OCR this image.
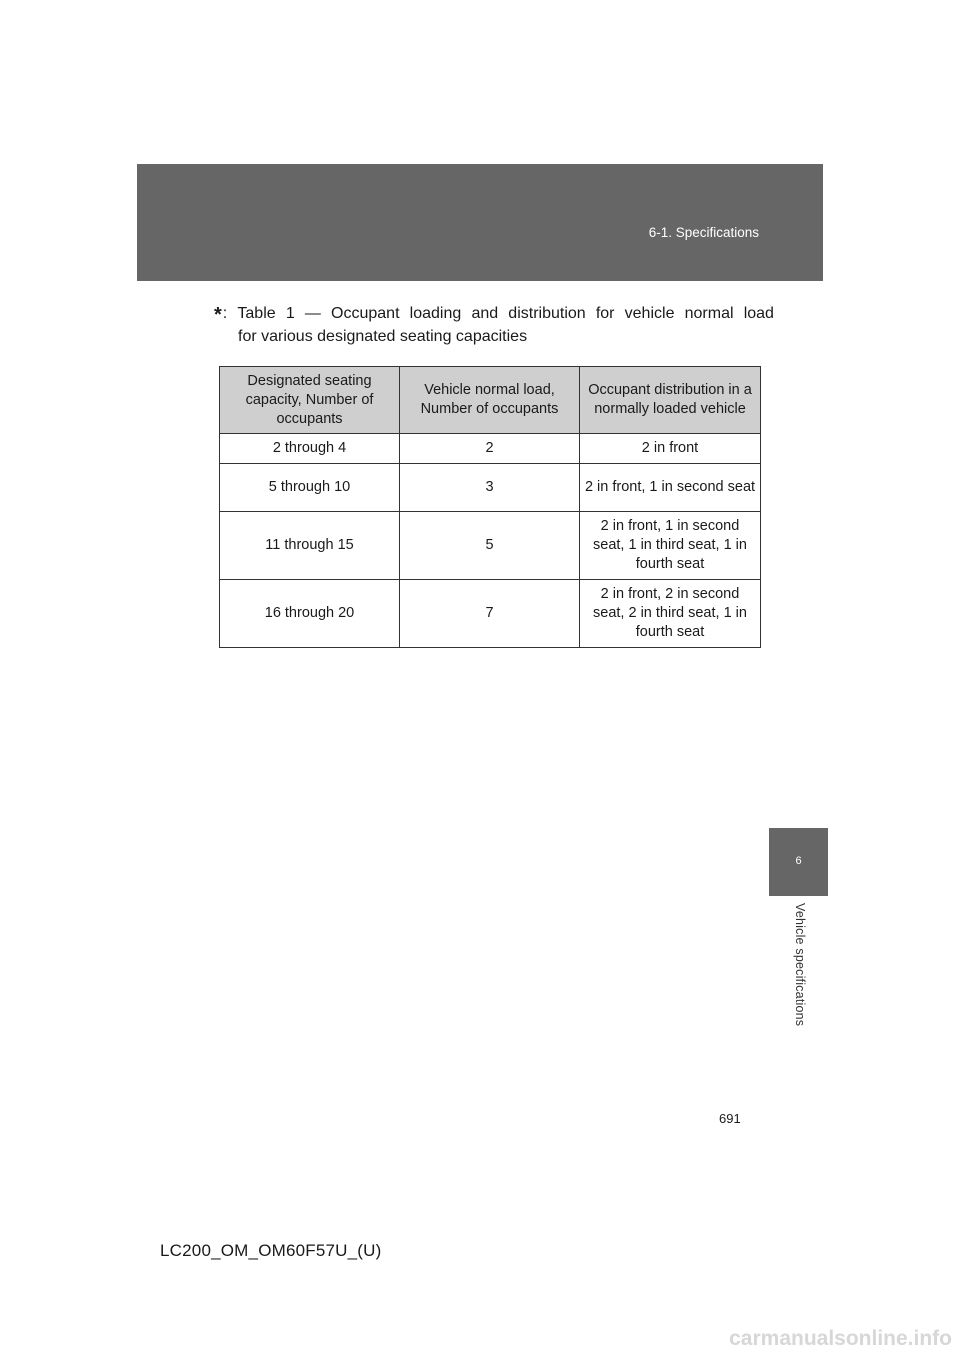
6-1. Specifications
*: Table 1 — Occupant loading and distribution for vehicle normal load
for various designated seating capacities
Designated seating capacity, Number of occupants	Vehicle normal load, Number of occupants	Occupant distribution in a normally loaded vehicle
2 through 4	2	2 in front
5 through 10	3	2 in front, 1 in second seat
11 through 15	5	2 in front, 1 in second seat, 1 in third seat, 1 in fourth seat
16 through 20	7	2 in front, 2 in second seat, 2 in third seat, 1 in fourth seat
6
Vehicle specifications
691
LC200_OM_OM60F57U_(U)
carmanualsonline.info
